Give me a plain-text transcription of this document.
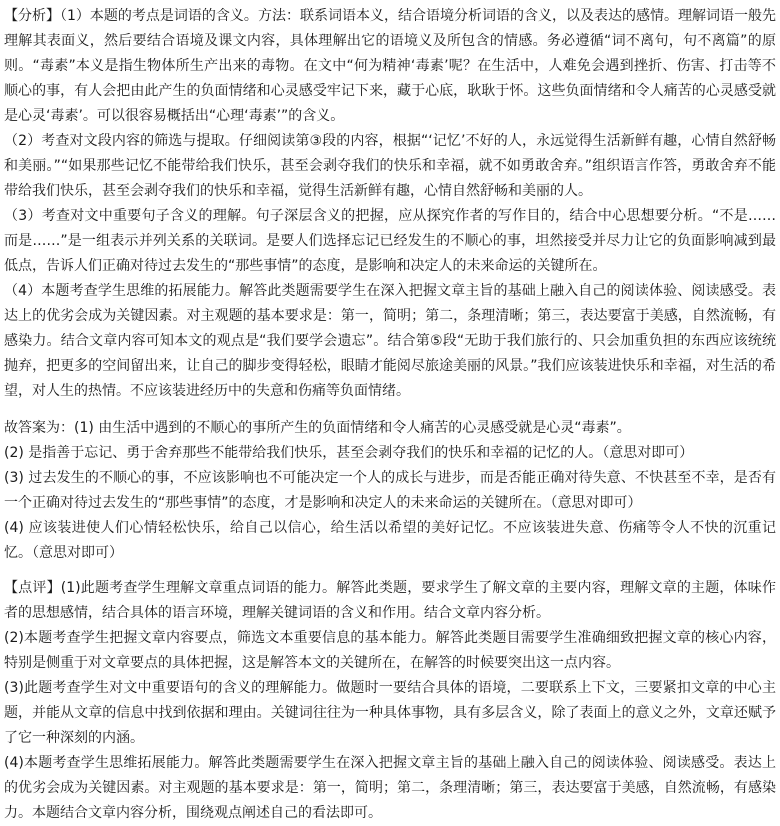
【分析】（1）本题的考点是词语的含义。方法：联系词语本义，结合语境分析词语的含义，以及表达的感情。理解词语一般先理解其表面义，然后要结合语境及课文内容，具体理解出它的语境义及所包含的情感。务必遵循“词不离句，句不离篇”的原则。“毒素”本义是指生物体所生产出来的毒物。在文中“何为精神‘毒素’呢？在生活中，人难免会遇到挫折、伤害、打击等不顺心的事，有人会把由此产生的负面情绪和心灵感受牢记下来，藏于心底，耿耿于怀。这些负面情绪和令人痛苦的心灵感受就是心灵‘毒素’。可以很容易概括出“心理‘毒素’”的含义。

（2）考查对文段内容的筛选与提取。仔细阅读第③段的内容，根据“‘记忆’不好的人，永远觉得生活新鲜有趣，心情自然舒畅和美丽。”“如果那些记忆不能带给我们快乐，甚至会剥夺我们的快乐和幸福，就不如勇敢舍弃。”组织语言作答，勇敢舍弃不能带给我们快乐，甚至会剥夺我们的快乐和幸福，觉得生活新鲜有趣，心情自然舒畅和美丽的人。

（3）考查对文中重要句子含义的理解。句子深层含义的把握，应从探究作者的写作目的，结合中心思想要分析。“不是……而是……”是一组表示并列关系的关联词。是要人们选择忘记已经发生的不顺心的事，坦然接受并尽力让它的负面影响减到最低点，告诉人们正确对待过去发生的“那些事情”的态度，是影响和决定人的未来命运的关键所在。

（4）本题考查学生思维的拓展能力。解答此类题需要学生在深入把握文章主旨的基础上融入自己的阅读体验、阅读感受。表达上的优劣会成为关键因素。对主观题的基本要求是：第一，简明；第二，条理清晰；第三，表达要富于美感，自然流畅，有感染力。结合文章内容可知本文的观点是“我们要学会遗忘”。结合第⑤段“无助于我们旅行的、只会加重负担的东西应该统统抛弃，把更多的空间留出来，让自己的脚步变得轻松，眼睛才能阅尽旅途美丽的风景。”我们应该装进快乐和幸福，对生活的希望，对人生的热情。不应该装进经历中的失意和伤痛等负面情绪。

故答案为：(1) 由生活中遇到的不顺心的事所产生的负面情绪和令人痛苦的心灵感受就是心灵“毒素”。

(2) 是指善于忘记、勇于舍弃那些不能带给我们快乐，甚至会剥夺我们的快乐和幸福的记忆的人。（意思对即可）

(3) 过去发生的不顺心的事，不应该影响也不可能决定一个人的成长与进步，而是否能正确对待失意、不快甚至不幸，是否有一个正确对待过去发生的“那些事情”的态度，才是影响和决定人的未来命运的关键所在。（意思对即可）

(4) 应该装进使人们心情轻松快乐，给自己以信心，给生活以希望的美好记忆。不应该装进失意、伤痛等令人不快的沉重记忆。（意思对即可）

【点评】(1)此题考查学生理解文章重点词语的能力。解答此类题，要求学生了解文章的主要内容，理解文章的主题，体味作者的思想感情，结合具体的语言环境，理解关键词语的含义和作用。结合文章内容分析。

(2)本题考查学生把握文章内容要点，筛选文本重要信息的基本能力。解答此类题目需要学生准确细致把握文章的核心内容，特别是侧重于对文章要点的具体把握，这是解答本文的关键所在，在解答的时候要突出这一点内容。

(3)此题考查学生对文中重要语句的含义的理解能力。做题时一要结合具体的语境，二要联系上下文，三要紧扣文章的中心主题，并能从文章的信息中找到依据和理由。关键词往往为一种具体事物，具有多层含义，除了表面上的意义之外，文章还赋予了它一种深刻的内涵。

(4)本题考查学生思维拓展能力。解答此类题需要学生在深入把握文章主旨的基础上融入自己的阅读体验、阅读感受。表达上的优劣会成为关键因素。对主观题的基本要求是：第一，简明；第二，条理清晰；第三，表达要富于美感，自然流畅，有感染力。本题结合文章内容分析，围绕观点阐述自己的看法即可。
